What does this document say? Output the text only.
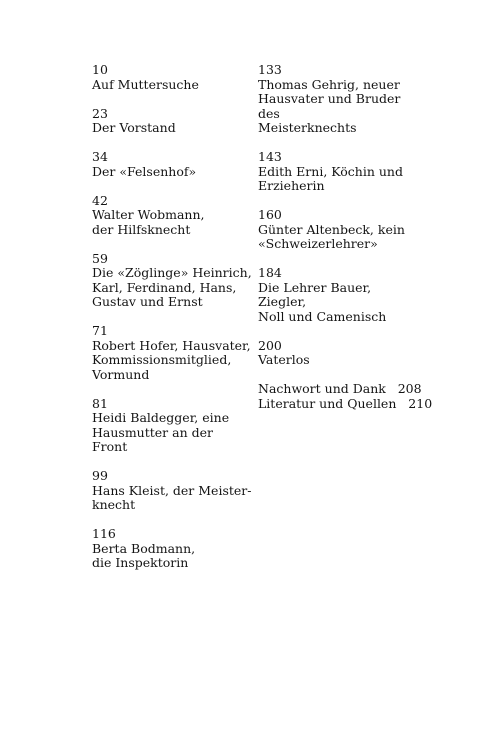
10
Auf Muttersuche
23
Der Vorstand
34
Der «Felsenhof»
42
Walter Wobmann,
der Hilfsknecht
59
Die «Zöglinge» Heinrich,
Karl, Ferdinand, Hans,
Gustav und Ernst
71
Robert Hofer, Hausvater,
Kommissionsmitglied,
Vormund
81
Heidi Baldegger, eine
Hausmutter an der Front
99
Hans Kleist, der Meister-
knecht
116
Berta Bodmann,
die Inspektorin
133
Thomas Gehrig, neuer
Hausvater und Bruder des
Meisterknechts
143
Edith Erni, Köchin und
Erzieherin
160
Günter Altenbeck, kein
«Schweizerlehrer»
184
Die Lehrer Bauer, Ziegler,
Noll und Camenisch
200
Vaterlos
Nachwort und Dank   208
Literatur und Quellen   210
